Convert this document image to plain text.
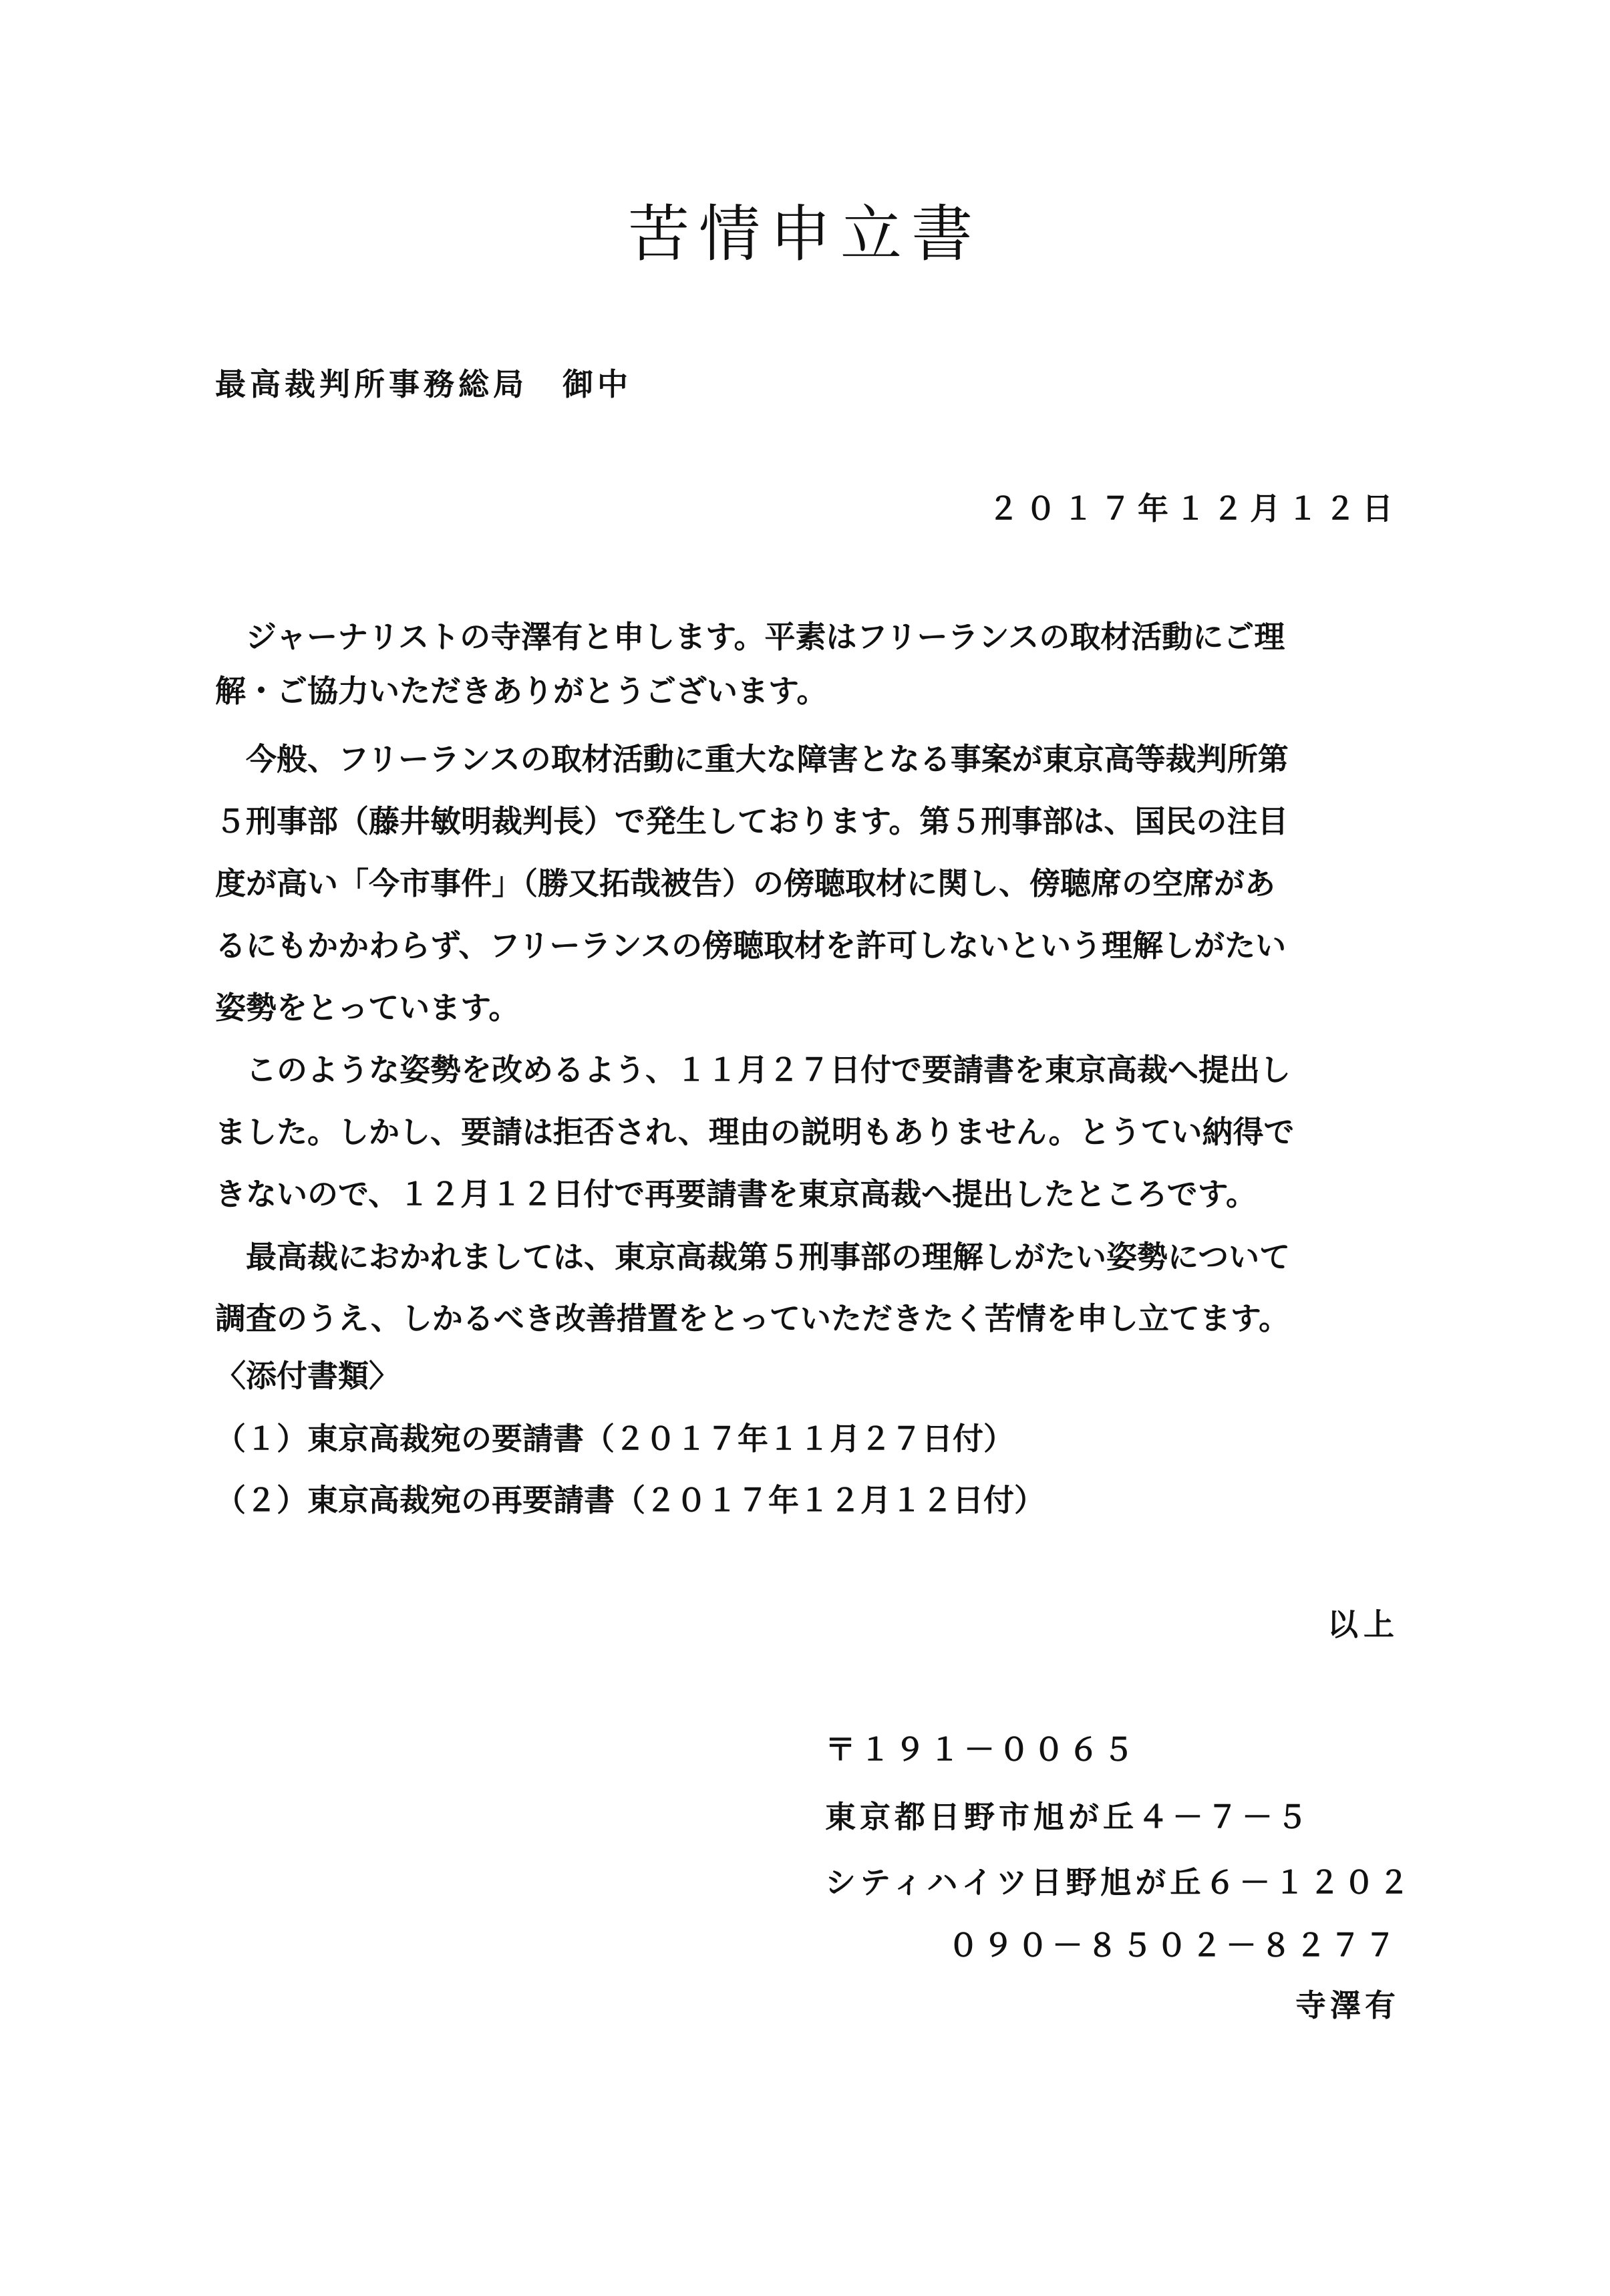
苦情申立書
最高裁判所事務総局　御中
２０１７年１２月１２日
　ジャーナリストの寺澤有と申します。平素はフリーランスの取材活動にご理
解・ご協力いただきありがとうございます。
　今般、フリーランスの取材活動に重大な障害となる事案が東京高等裁判所第
５刑事部（藤井敏明裁判長）で発生しております。第５刑事部は、国民の注目
度が高い「今市事件」（勝又拓哉被告）の傍聴取材に関し、傍聴席の空席があ
るにもかかわらず、フリーランスの傍聴取材を許可しないという理解しがたい
姿勢をとっています。
　このような姿勢を改めるよう、１１月２７日付で要請書を東京高裁へ提出し
ました。しかし、要請は拒否され、理由の説明もありません。とうてい納得で
きないので、１２月１２日付で再要請書を東京高裁へ提出したところです。
　最高裁におかれましては、東京高裁第５刑事部の理解しがたい姿勢について
調査のうえ、しかるべき改善措置をとっていただきたく苦情を申し立てます。
〈添付書類〉
（１）東京高裁宛の要請書（２０１７年１１月２７日付）
（２）東京高裁宛の再要請書（２０１７年１２月１２日付）
以上
〒１９１－００６５
東京都日野市旭が丘４－７－５
シティハイツ日野旭が丘６－１２０２
０９０－８５０２－８２７７
寺澤有
